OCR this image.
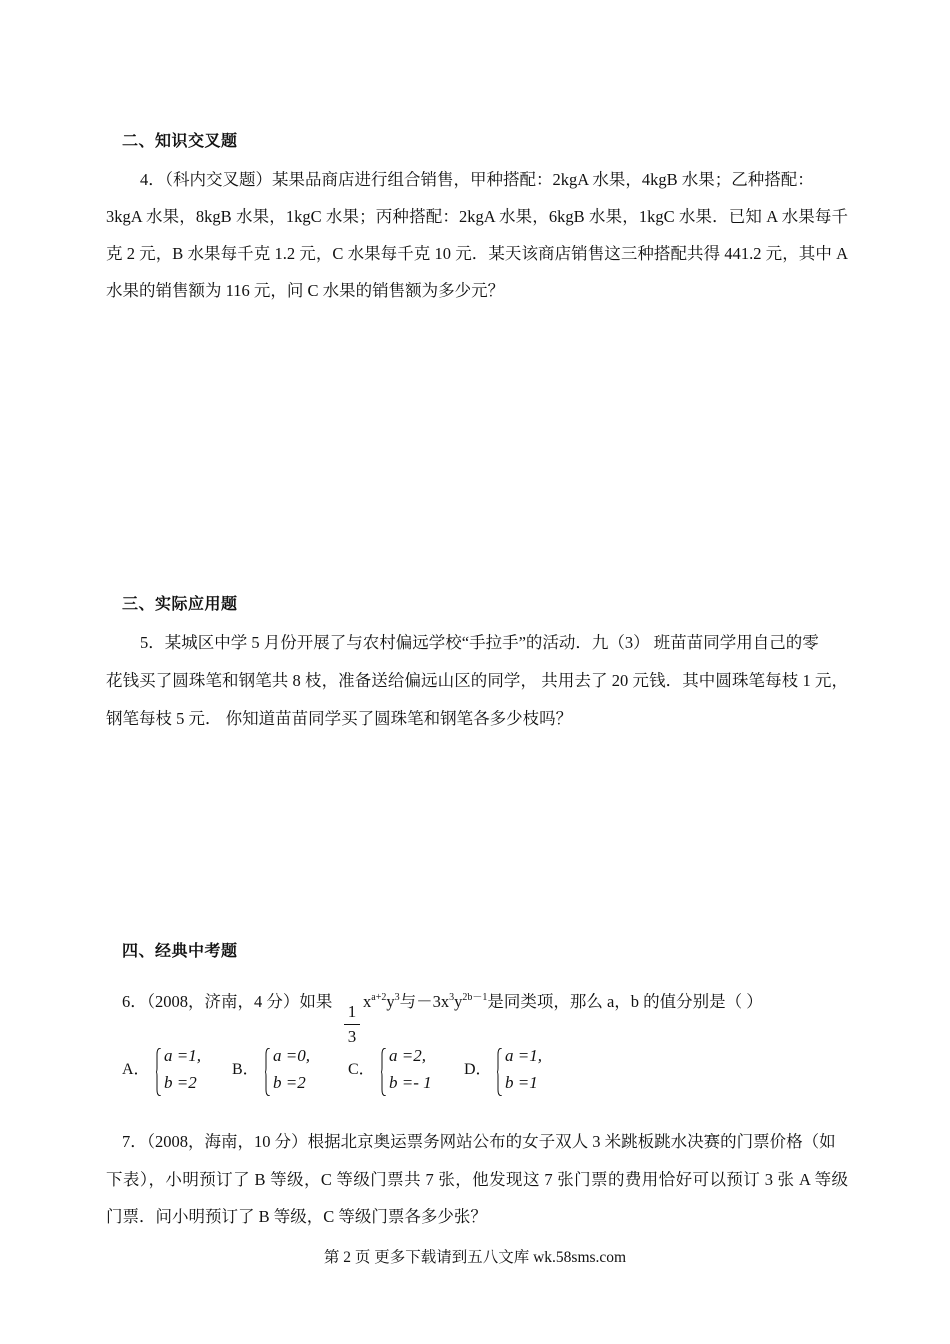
二、知识交叉题
4．（科内交叉题）某果品商店进行组合销售，甲种搭配：2kgA 水果，4kgB 水果；乙种搭配：
3kgA 水果，8kgB 水果，1kgC 水果；丙种搭配：2kgA 水果，6kgB 水果，1kgC 水果．已知 A 水果每千
克 2 元，B 水果每千克 1.2 元，C 水果每千克 10 元．某天该商店销售这三种搭配共得 441.2 元，其中 A
水果的销售额为 116 元，问 C 水果的销售额为多少元？
三、实际应用题
5．某城区中学 5 月份开展了与农村偏远学校“手拉手”的活动．九（3） 班苗苗同学用自己的零
花钱买了圆珠笔和钢笔共 8 枝，准备送给偏远山区的同学， 共用去了 20 元钱．其中圆珠笔每枝 1 元，
钢笔每枝 5 元． 你知道苗苗同学买了圆珠笔和钢笔各多少枝吗？
四、经典中考题
6．（2008，济南，4 分）如果
1
3
$x^{a+2}y^3$与$-3x^3y^{2b-1}$是同类项，那么 a，b 的值分别是（ ）
A．
a =1,
b =2
B．
a =0,
b =2
C．
a =2,
b =- 1
D．
a =1,
b =1
7．（2008，海南，10 分）根据北京奥运票务网站公布的女子双人 3 米跳板跳水决赛的门票价格（如
下表），小明预订了 B 等级，C 等级门票共 7 张，他发现这 7 张门票的费用恰好可以预订 3 张 A 等级
门票．问小明预订了 B 等级，C 等级门票各多少张？
第 2 页 更多下载请到五八文库 wk.58sms.com
